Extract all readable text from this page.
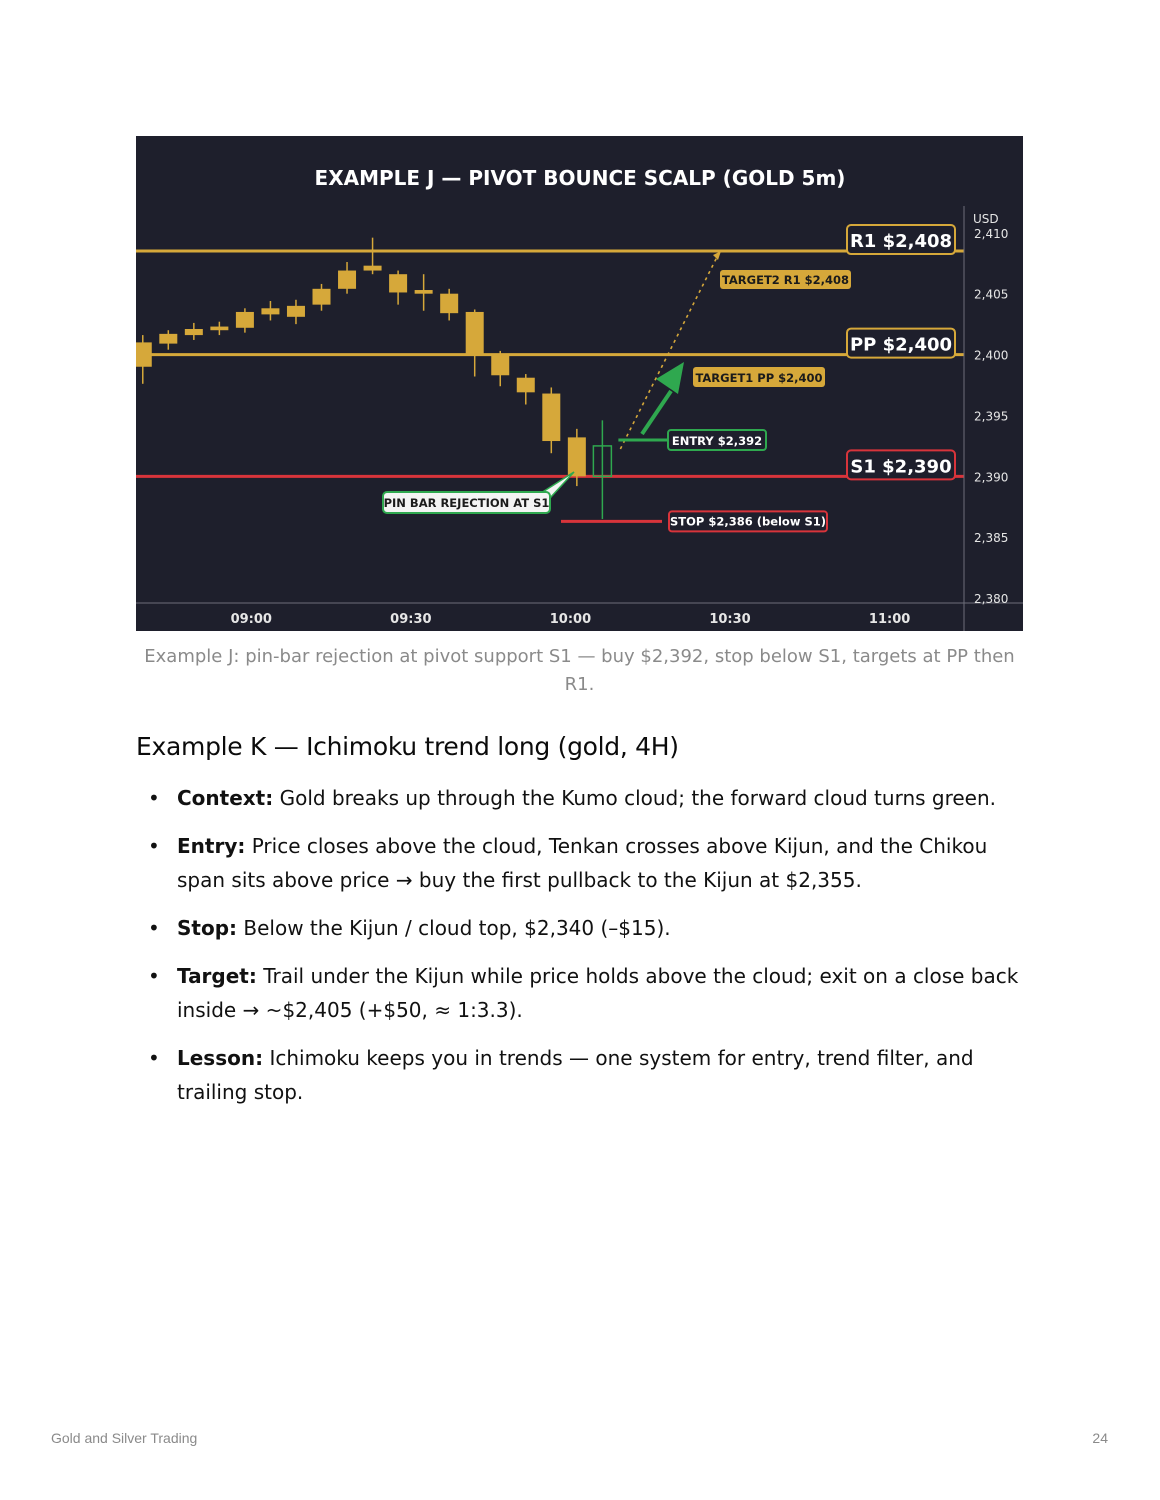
EXAMPLE J — PIVOT BOUNCE SCALP (GOLD 5m)
USD
R1 $2,408
PP $2,400
S1 $2,390
TARGET2 R1 $2,408
TARGET1 PP $2,400
ENTRY $2,392
STOP $2,386 (below S1)
PIN BAR REJECTION AT S1
2,410
2,405
2,400
2,395
2,390
2,385
2,380
09:00	09:30	10:00	10:30	11:00
Example J: pin-bar rejection at pivot support S1 — buy $2,392, stop below S1, targets at PP then R1.
Example K — Ichimoku trend long (gold, 4H)
• Context: Gold breaks up through the Kumo cloud; the forward cloud turns green.
• Entry: Price closes above the cloud, Tenkan crosses above Kijun, and the Chikou span sits above price → buy the first pullback to the Kijun at $2,355.
• Stop: Below the Kijun / cloud top, $2,340 (–$15).
• Target: Trail under the Kijun while price holds above the cloud; exit on a close back inside → ~$2,405 (+$50, ≈ 1:3.3).
• Lesson: Ichimoku keeps you in trends — one system for entry, trend filter, and trailing stop.
Gold and Silver Trading	24
